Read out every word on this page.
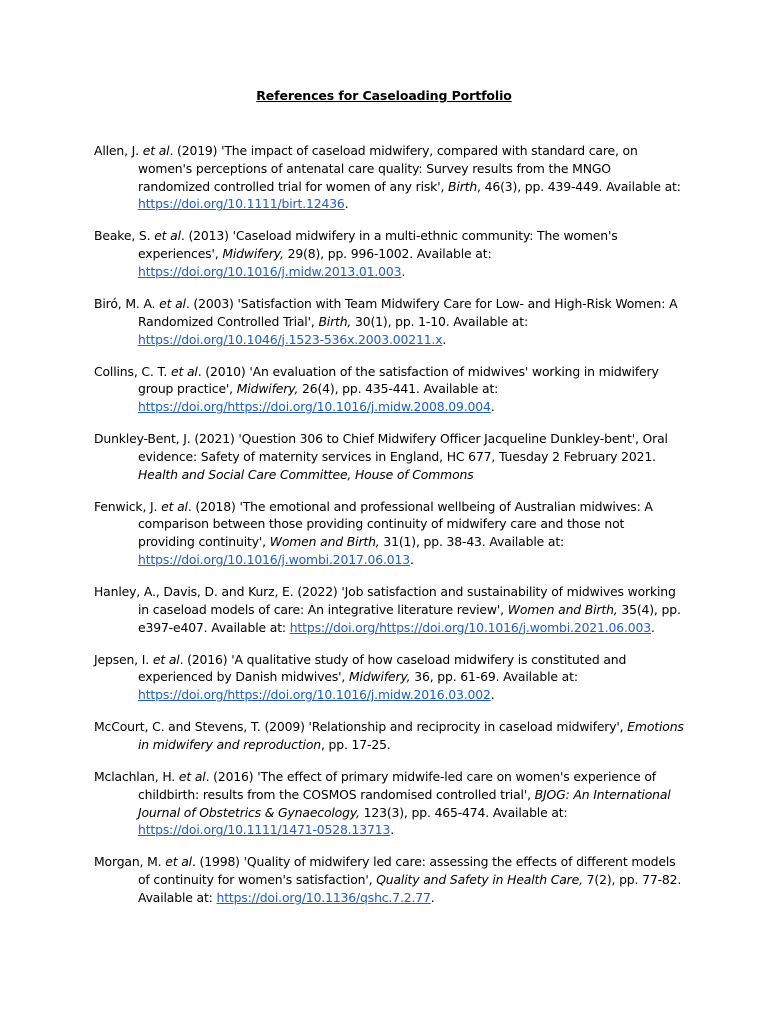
References for Caseloading Portfolio

Allen, J. et al. (2019) 'The impact of caseload midwifery, compared with standard care, on women's perceptions of antenatal care quality: Survey results from the MNGO randomized controlled trial for women of any risk', Birth, 46(3), pp. 439-449. Available at: https://doi.org/10.1111/birt.12436.

Beake, S. et al. (2013) 'Caseload midwifery in a multi-ethnic community: The women's experiences', Midwifery, 29(8), pp. 996-1002. Available at: https://doi.org/10.1016/j.midw.2013.01.003.

Biró, M. A. et al. (2003) 'Satisfaction with Team Midwifery Care for Low- and High-Risk Women: A Randomized Controlled Trial', Birth, 30(1), pp. 1-10. Available at: https://doi.org/10.1046/j.1523-536x.2003.00211.x.

Collins, C. T. et al. (2010) 'An evaluation of the satisfaction of midwives' working in midwifery group practice', Midwifery, 26(4), pp. 435-441. Available at: https://doi.org/https://doi.org/10.1016/j.midw.2008.09.004.

Dunkley-Bent, J. (2021) 'Question 306 to Chief Midwifery Officer Jacqueline Dunkley-bent', Oral evidence: Safety of maternity services in England, HC 677, Tuesday 2 February 2021. Health and Social Care Committee, House of Commons

Fenwick, J. et al. (2018) 'The emotional and professional wellbeing of Australian midwives: A comparison between those providing continuity of midwifery care and those not providing continuity', Women and Birth, 31(1), pp. 38-43. Available at: https://doi.org/10.1016/j.wombi.2017.06.013.

Hanley, A., Davis, D. and Kurz, E. (2022) 'Job satisfaction and sustainability of midwives working in caseload models of care: An integrative literature review', Women and Birth, 35(4), pp. e397-e407. Available at: https://doi.org/https://doi.org/10.1016/j.wombi.2021.06.003.

Jepsen, I. et al. (2016) 'A qualitative study of how caseload midwifery is constituted and experienced by Danish midwives', Midwifery, 36, pp. 61-69. Available at: https://doi.org/https://doi.org/10.1016/j.midw.2016.03.002.

McCourt, C. and Stevens, T. (2009) 'Relationship and reciprocity in caseload midwifery', Emotions in midwifery and reproduction, pp. 17-25.

Mclachlan, H. et al. (2016) 'The effect of primary midwife-led care on women's experience of childbirth: results from the COSMOS randomised controlled trial', BJOG: An International Journal of Obstetrics & Gynaecology, 123(3), pp. 465-474. Available at: https://doi.org/10.1111/1471-0528.13713.

Morgan, M. et al. (1998) 'Quality of midwifery led care: assessing the effects of different models of continuity for women's satisfaction', Quality and Safety in Health Care, 7(2), pp. 77-82. Available at: https://doi.org/10.1136/qshc.7.2.77.
